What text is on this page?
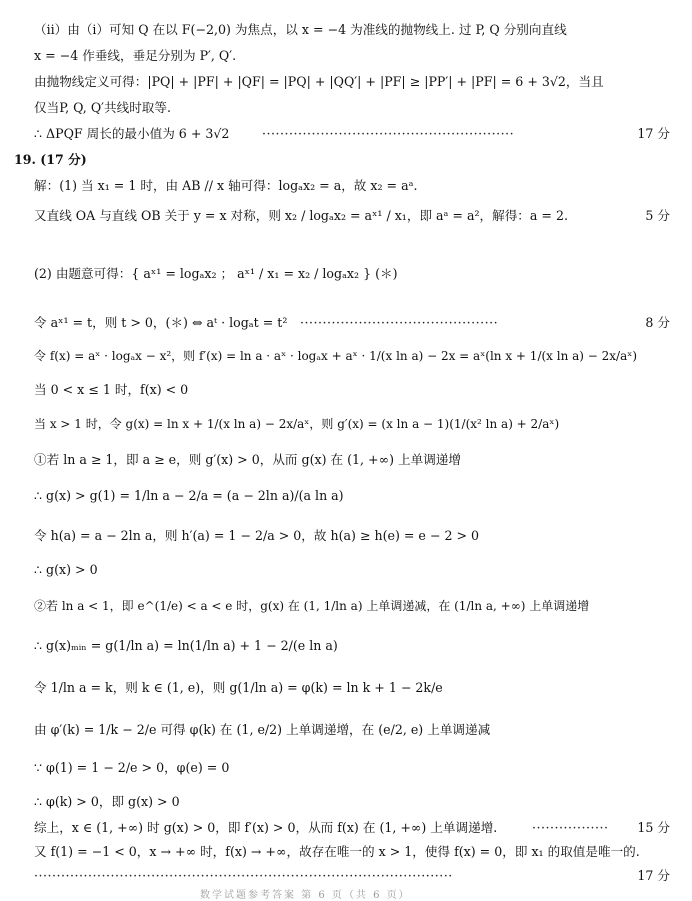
（ⅱ）由（ⅰ）可知 Q 在以 F(−2,0) 为焦点，以 x = −4 为准线的抛物线上. 过 P, Q 分别向直线
x = −4 作垂线，垂足分别为 P′, Q′.
由抛物线定义可得：|PQ| + |PF| + |QF| = |PQ| + |QQ′| + |PF| ≥ |PP′| + |PF| = 6 + 3√2，当且
仅当P, Q, Q′共线时取等.
∴ ΔPQF 周长的最小值为 6 + 3√2	························································	17 分
19. (17 分)
解：(1) 当 x₁ = 1 时，由 AB // x 轴可得：logₐx₂ = a，故 x₂ = aᵃ.
又直线 OA 与直线 OB 关于 y = x 对称，则 x₂ / logₐx₂ = aˣ¹ / x₁，即 aᵃ = a²，解得：a = 2.	5 分
(2) 由题意可得：{ aˣ¹ = logₐx₂ ； aˣ¹ / x₁ = x₂ / logₐx₂ } (＊)
令 aˣ¹ = t，则 t > 0，(＊) ⇔ aᵗ · logₐt = t² ············································	8 分
令 f(x) = aˣ · logₐx − x²，则 f′(x) = ln a · aˣ · logₐx + aˣ · 1/(x ln a) − 2x = aˣ(ln x + 1/(x ln a) − 2x/aˣ)
当 0 < x ≤ 1 时，f(x) < 0
当 x > 1 时，令 g(x) = ln x + 1/(x ln a) − 2x/aˣ，则 g′(x) = (x ln a − 1)(1/(x² ln a) + 2/aˣ)
①若 ln a ≥ 1，即 a ≥ e，则 g′(x) > 0，从而 g(x) 在 (1, +∞) 上单调递增
∴ g(x) > g(1) = 1/ln a − 2/a = (a − 2ln a)/(a ln a)
令 h(a) = a − 2ln a，则 h′(a) = 1 − 2/a > 0，故 h(a) ≥ h(e) = e − 2 > 0
∴ g(x) > 0
②若 ln a < 1，即 e^(1/e) < a < e 时，g(x) 在 (1, 1/ln a) 上单调递减，在 (1/ln a, +∞) 上单调递增
∴ g(x)ₘᵢₙ = g(1/ln a) = ln(1/ln a) + 1 − 2/(e ln a)
令 1/ln a = k，则 k ∈ (1, e)，则 g(1/ln a) = φ(k) = ln k + 1 − 2k/e
由 φ′(k) = 1/k − 2/e 可得 φ(k) 在 (1, e/2) 上单调递增，在 (e/2, e) 上单调递减
∵ φ(1) = 1 − 2/e > 0，φ(e) = 0
∴ φ(k) > 0，即 g(x) > 0
综上，x ∈ (1, +∞) 时 g(x) > 0，即 f′(x) > 0，从而 f(x) 在 (1, +∞) 上单调递增.	················· 15 分
又 f(1) = −1 < 0，x → +∞ 时，f(x) → +∞，故存在唯一的 x > 1，使得 f(x) = 0，即 x₁ 的取值是唯一的.
·····························································································	17 分
数学试题参考答案 第 6 页（共 6 页）
